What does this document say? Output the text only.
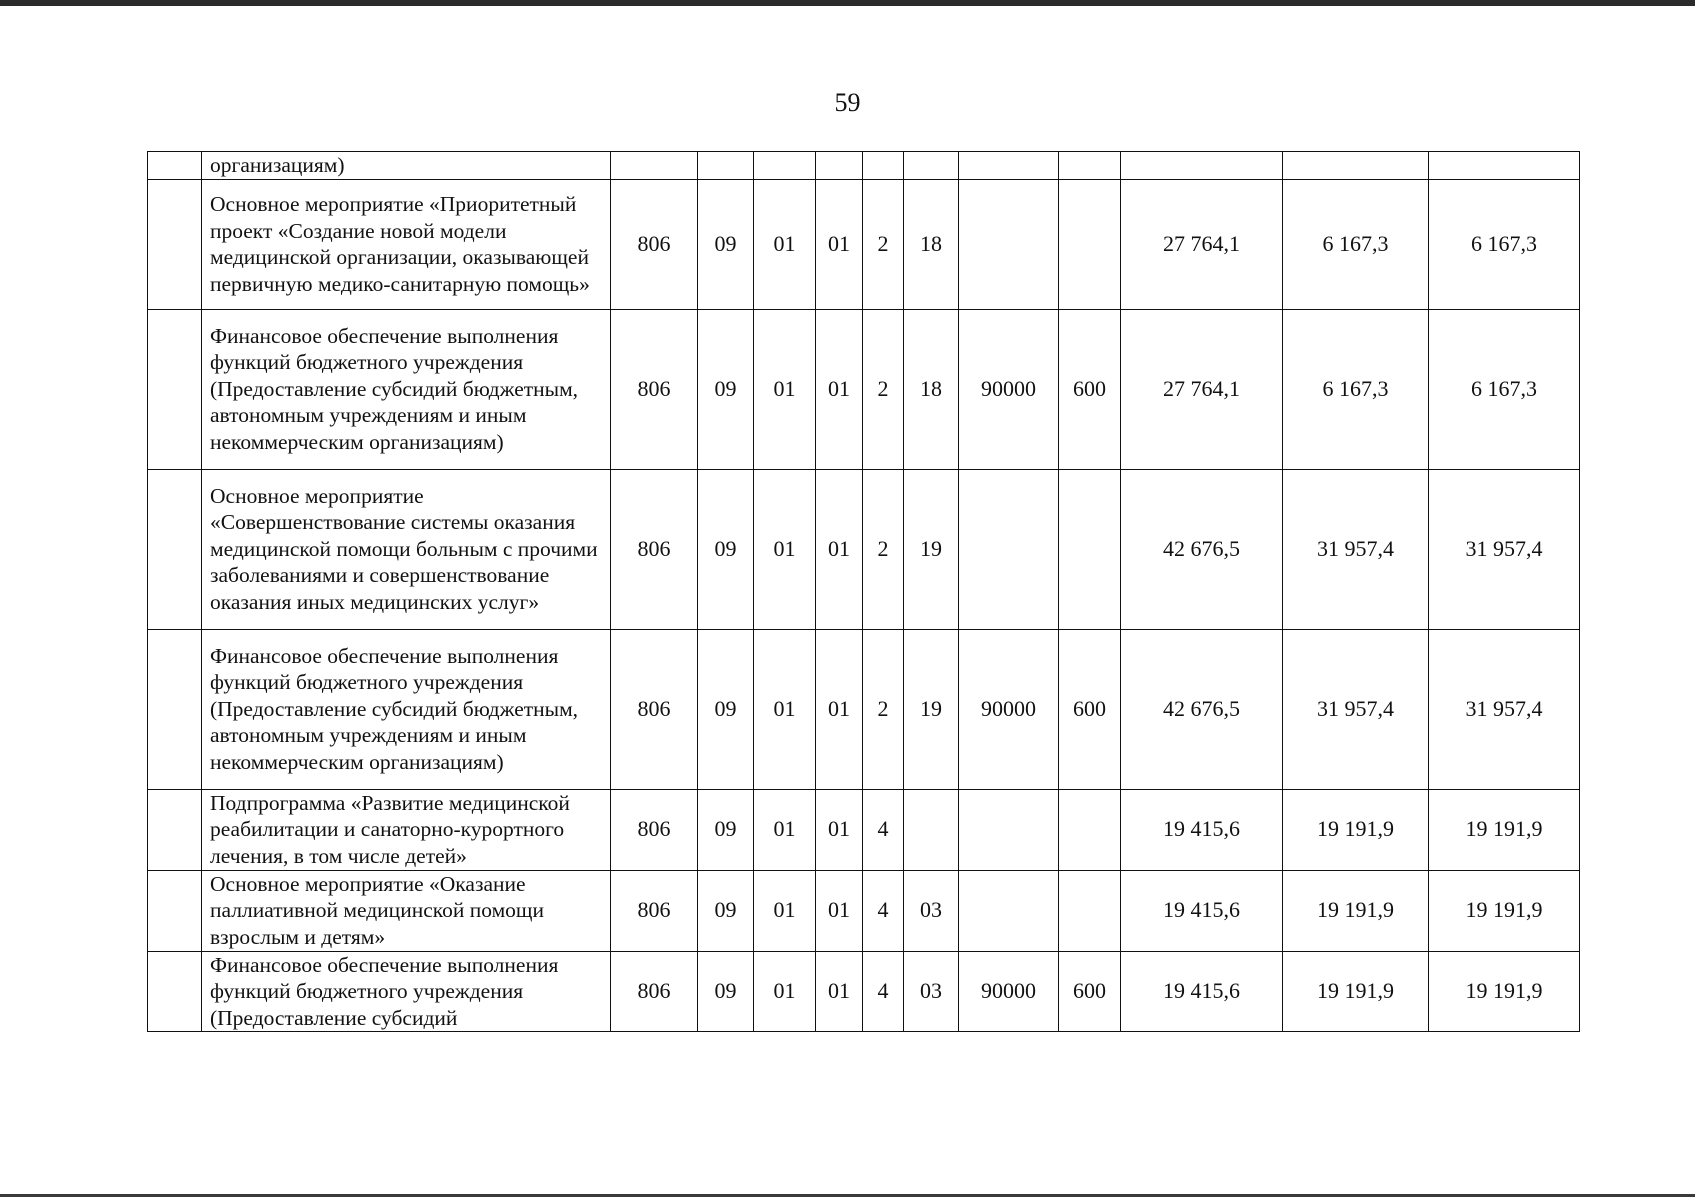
59
	организациям)											
	Основное мероприятие «Приоритетный проект «Создание новой модели медицинской организации, оказывающей первичную медико-санитарную помощь»	806	09	01	01	2	18			27 764,1	6 167,3	6 167,3
	Финансовое обеспечение выполнения функций бюджетного учреждения (Предоставление субсидий бюджетным, автономным учреждениям и иным некоммерческим организациям)	806	09	01	01	2	18	90000	600	27 764,1	6 167,3	6 167,3
	Основное мероприятие «Совершенствование системы оказания медицинской помощи больным с прочими заболеваниями и совершенствование оказания иных медицинских услуг»	806	09	01	01	2	19			42 676,5	31 957,4	31 957,4
	Финансовое обеспечение выполнения функций бюджетного учреждения (Предоставление субсидий бюджетным, автономным учреждениям и иным некоммерческим организациям)	806	09	01	01	2	19	90000	600	42 676,5	31 957,4	31 957,4
	Подпрограмма «Развитие медицинской реабилитации и санаторно-курортного лечения, в том числе детей»	806	09	01	01	4				19 415,6	19 191,9	19 191,9
	Основное мероприятие «Оказание паллиативной медицинской помощи взрослым и детям»	806	09	01	01	4	03			19 415,6	19 191,9	19 191,9
	Финансовое обеспечение выполнения функций бюджетного учреждения (Предоставление субсидий	806	09	01	01	4	03	90000	600	19 415,6	19 191,9	19 191,9
